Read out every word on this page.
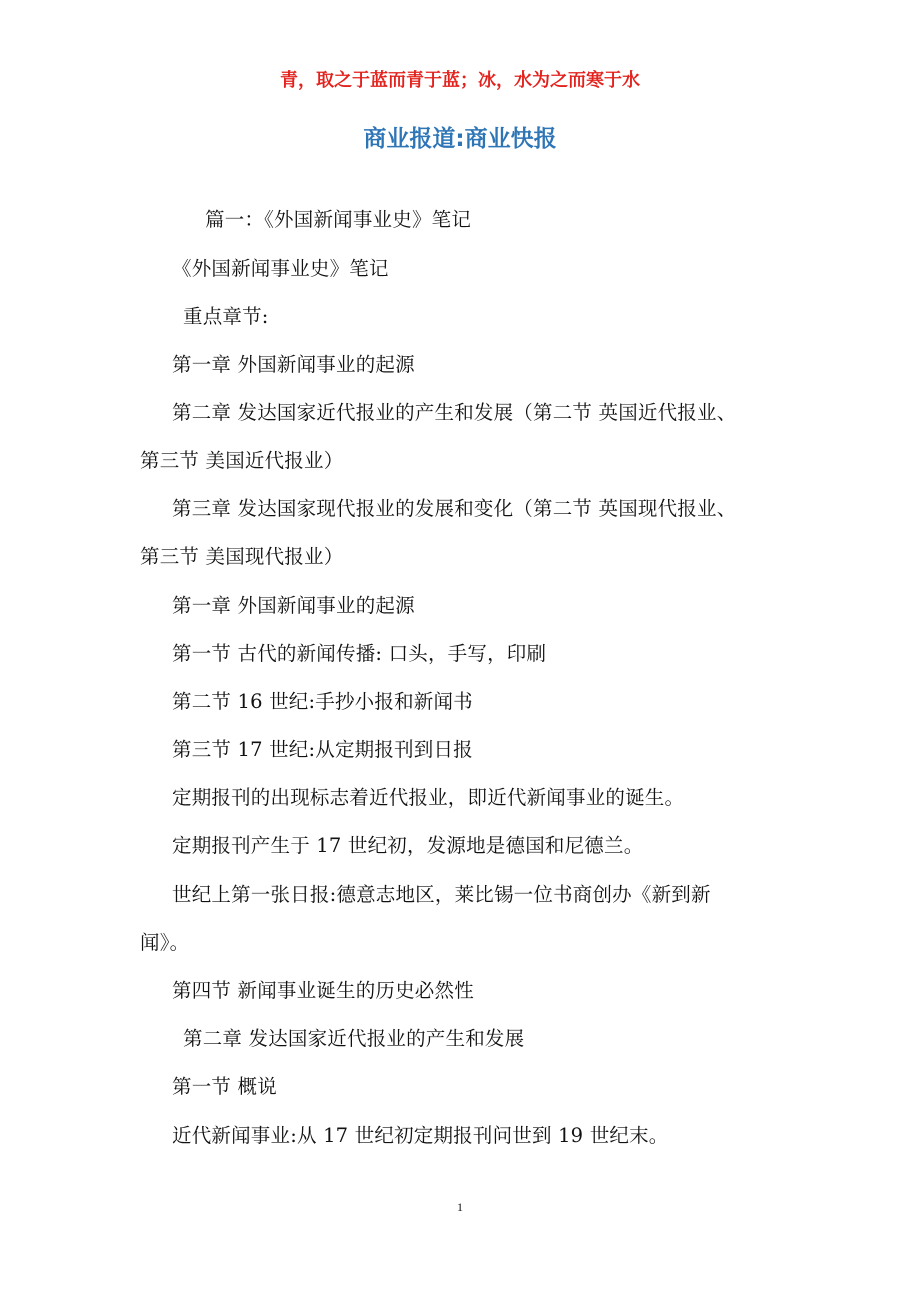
青，取之于蓝而青于蓝；冰，水为之而寒于水
商业报道:商业快报
篇一：《外国新闻事业史》笔记
《外国新闻事业史》笔记
重点章节:
第一章 外国新闻事业的起源
第二章 发达国家近代报业的产生和发展（第二节 英国近代报业、
第三节 美国近代报业）
第三章 发达国家现代报业的发展和变化（第二节 英国现代报业、
第三节 美国现代报业）
第一章 外国新闻事业的起源
第一节 古代的新闻传播: 口头，手写，印刷
第二节 16 世纪:手抄小报和新闻书
第三节 17 世纪:从定期报刊到日报
定期报刊的出现标志着近代报业，即近代新闻事业的诞生。
定期报刊产生于 17 世纪初，发源地是德国和尼德兰。
世纪上第一张日报:德意志地区，莱比锡一位书商创办《新到新
闻》。
第四节 新闻事业诞生的历史必然性
第二章 发达国家近代报业的产生和发展
第一节 概说
近代新闻事业:从 17 世纪初定期报刊问世到 19 世纪末。
1
